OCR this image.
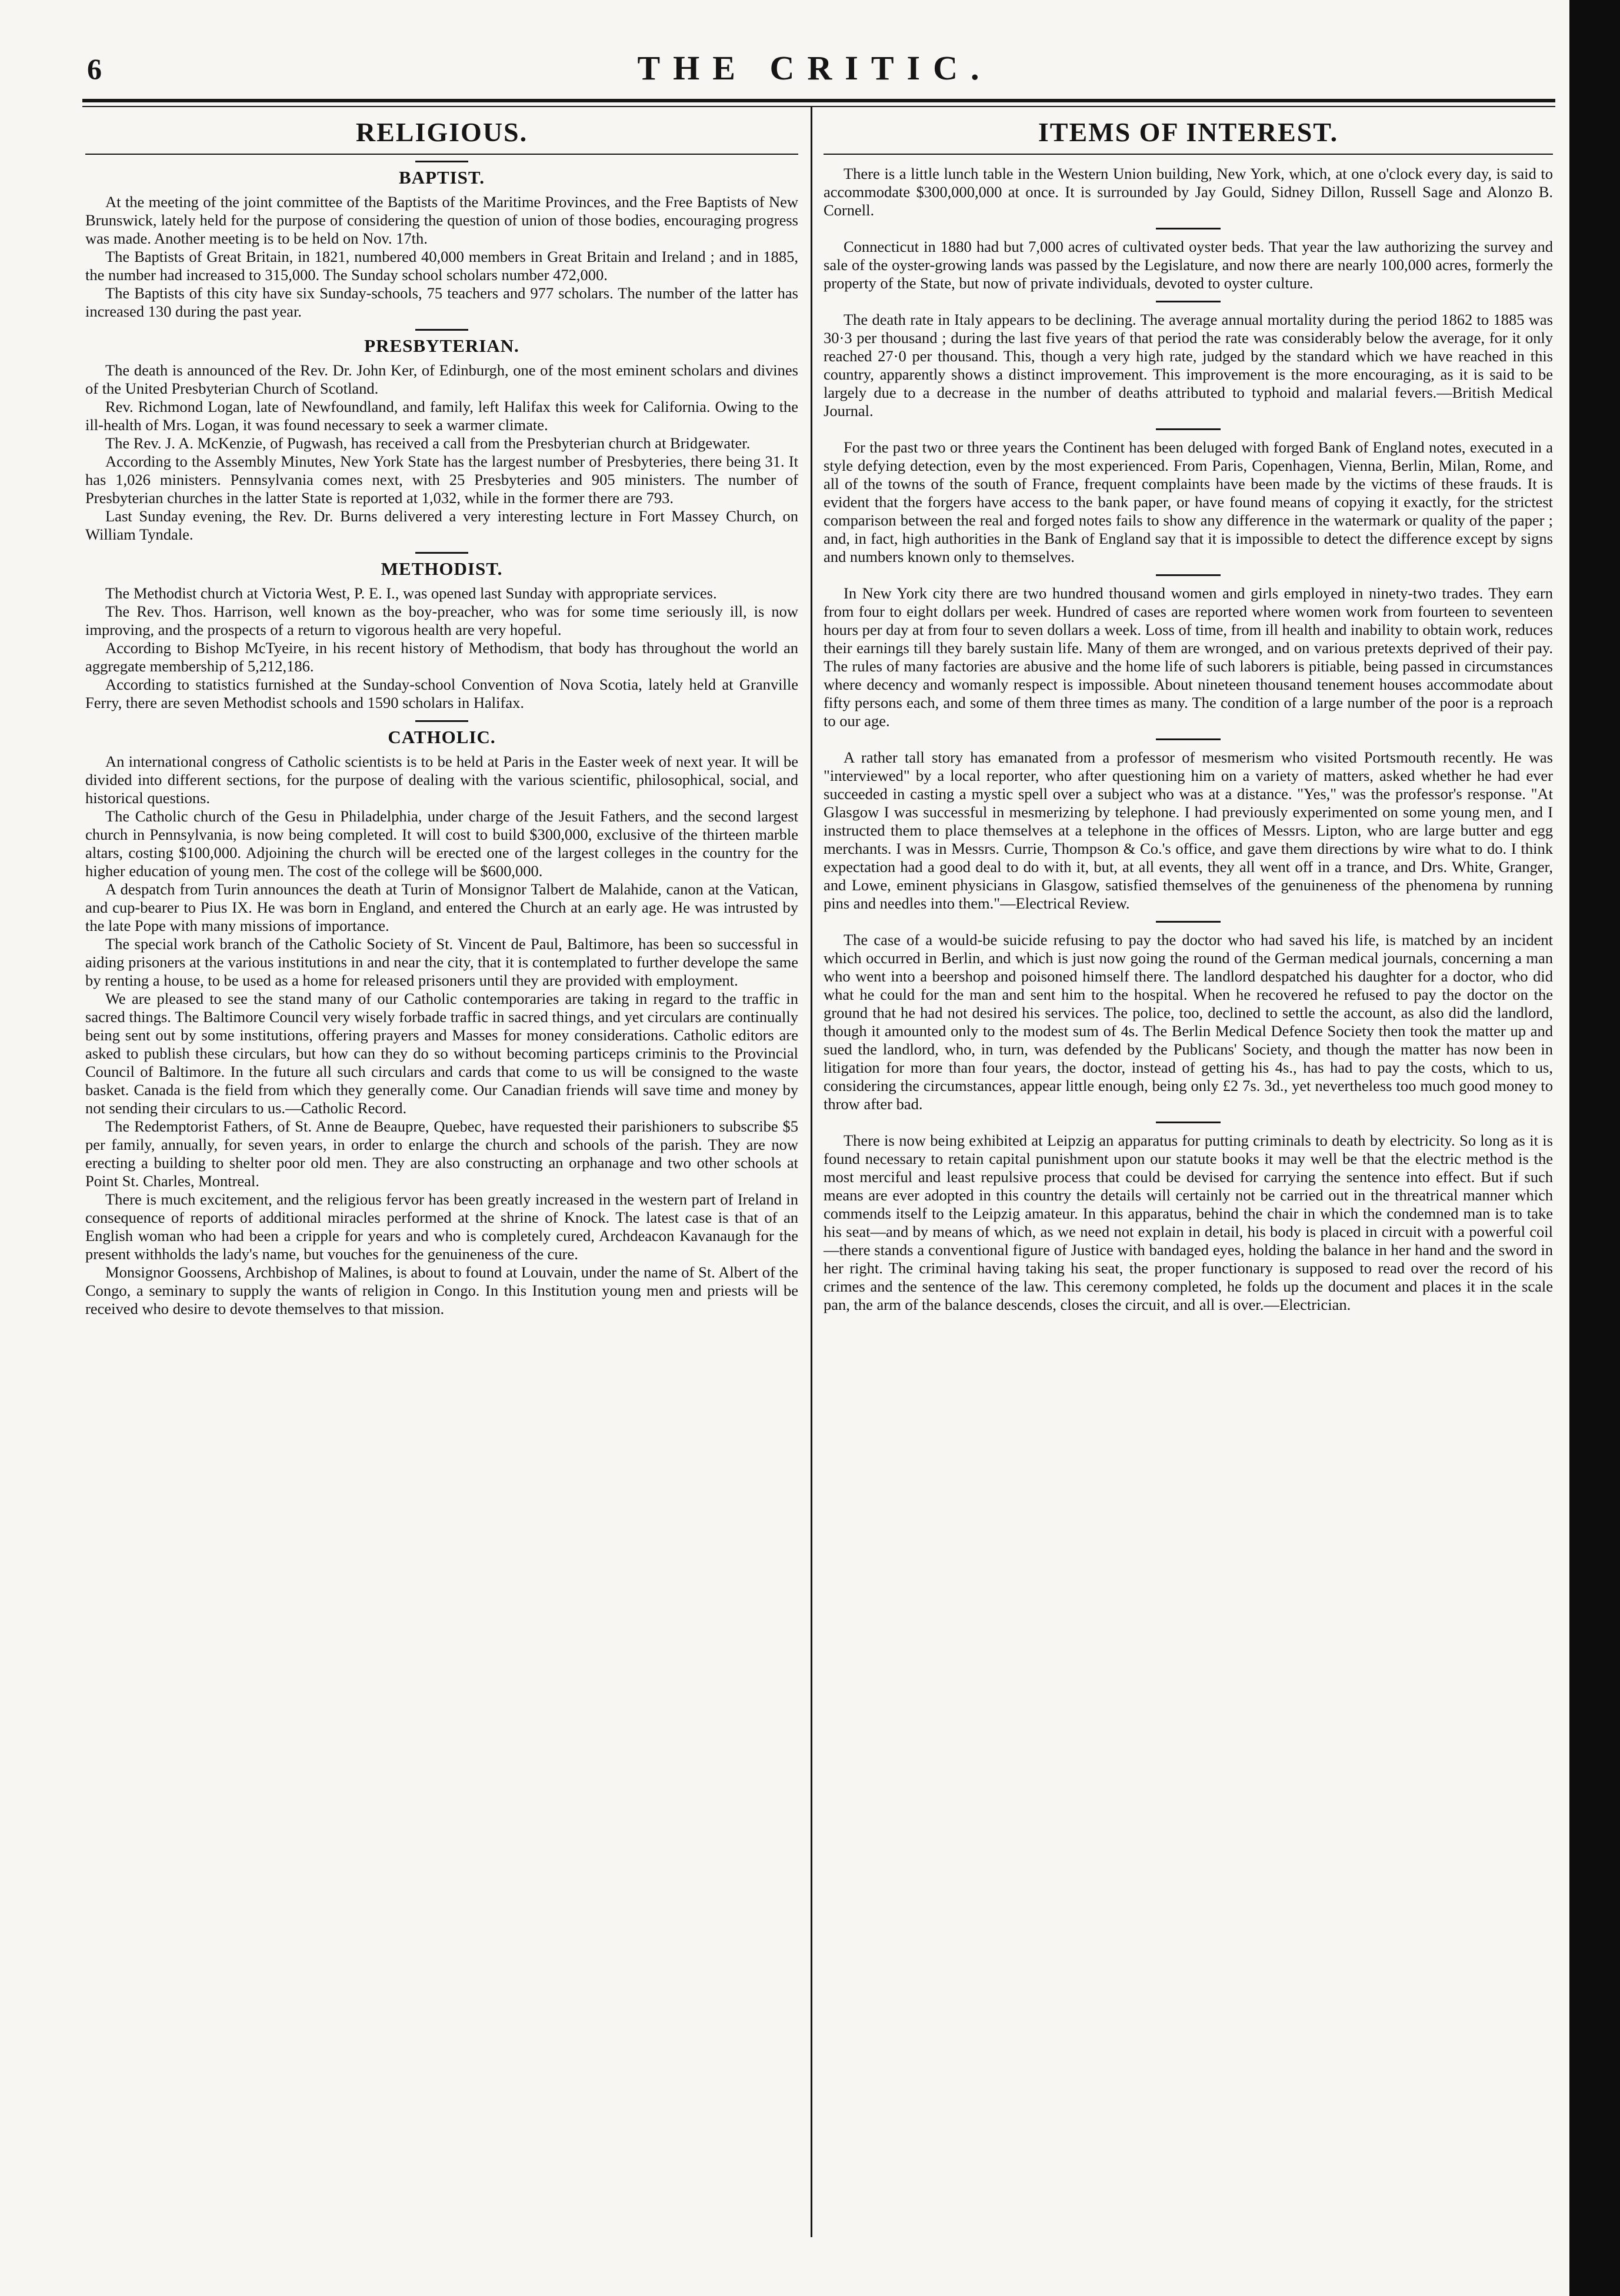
6	THE CRITIC.
RELIGIOUS.
BAPTIST.

At the meeting of the joint committee of the Baptists of the Maritime Provinces, and the Free Baptists of New Brunswick, lately held for the purpose of considering the question of union of those bodies, encouraging progress was made. Another meeting is to be held on Nov. 17th.

The Baptists of Great Britain, in 1821, numbered 40,000 members in Great Britain and Ireland ; and in 1885, the number had increased to 315,000. The Sunday school scholars number 472,000.

The Baptists of this city have six Sunday-schools, 75 teachers and 977 scholars. The number of the latter has increased 130 during the past year.

PRESBYTERIAN.

The death is announced of the Rev. Dr. John Ker, of Edinburgh, one of the most eminent scholars and divines of the United Presbyterian Church of Scotland.

Rev. Richmond Logan, late of Newfoundland, and family, left Halifax this week for California. Owing to the ill-health of Mrs. Logan, it was found necessary to seek a warmer climate.

The Rev. J. A. McKenzie, of Pugwash, has received a call from the Presbyterian church at Bridgewater.

According to the Assembly Minutes, New York State has the largest number of Presbyteries, there being 31. It has 1,026 ministers. Pennsylvania comes next, with 25 Presbyteries and 905 ministers. The number of Presbyterian churches in the latter State is reported at 1,032, while in the former there are 793.

Last Sunday evening, the Rev. Dr. Burns delivered a very interesting lecture in Fort Massey Church, on William Tyndale.

METHODIST.

The Methodist church at Victoria West, P. E. I., was opened last Sunday with appropriate services.

The Rev. Thos. Harrison, well known as the boy-preacher, who was for some time seriously ill, is now improving, and the prospects of a return to vigorous health are very hopeful.

According to Bishop McTyeire, in his recent history of Methodism, that body has throughout the world an aggregate membership of 5,212,186.

According to statistics furnished at the Sunday-school Convention of Nova Scotia, lately held at Granville Ferry, there are seven Methodist schools and 1590 scholars in Halifax.

CATHOLIC.

An international congress of Catholic scientists is to be held at Paris in the Easter week of next year. It will be divided into different sections, for the purpose of dealing with the various scientific, philosophical, social, and historical questions.

The Catholic church of the Gesu in Philadelphia, under charge of the Jesuit Fathers, and the second largest church in Pennsylvania, is now being completed. It will cost to build $300,000, exclusive of the thirteen marble altars, costing $100,000. Adjoining the church will be erected one of the largest colleges in the country for the higher education of young men. The cost of the college will be $600,000.

A despatch from Turin announces the death at Turin of Monsignor Talbert de Malahide, canon at the Vatican, and cup-bearer to Pius IX. He was born in England, and entered the Church at an early age. He was intrusted by the late Pope with many missions of importance.

The special work branch of the Catholic Society of St. Vincent de Paul, Baltimore, has been so successful in aiding prisoners at the various institutions in and near the city, that it is contemplated to further develope the same by renting a house, to be used as a home for released prisoners until they are provided with employment.

We are pleased to see the stand many of our Catholic contemporaries are taking in regard to the traffic in sacred things. The Baltimore Council very wisely forbade traffic in sacred things, and yet circulars are continually being sent out by some institutions, offering prayers and Masses for money considerations. Catholic editors are asked to publish these circulars, but how can they do so without becoming particeps criminis to the Provincial Council of Baltimore. In the future all such circulars and cards that come to us will be consigned to the waste basket. Canada is the field from which they generally come. Our Canadian friends will save time and money by not sending their circulars to us.—Catholic Record.

The Redemptorist Fathers, of St. Anne de Beaupre, Quebec, have requested their parishioners to subscribe $5 per family, annually, for seven years, in order to enlarge the church and schools of the parish. They are now erecting a building to shelter poor old men. They are also constructing an orphanage and two other schools at Point St. Charles, Montreal.

There is much excitement, and the religious fervor has been greatly increased in the western part of Ireland in consequence of reports of additional miracles performed at the shrine of Knock. The latest case is that of an English woman who had been a cripple for years and who is completely cured, Archdeacon Kavanaugh for the present withholds the lady's name, but vouches for the genuineness of the cure.

Monsignor Goossens, Archbishop of Malines, is about to found at Louvain, under the name of St. Albert of the Congo, a seminary to supply the wants of religion in Congo. In this Institution young men and priests will be received who desire to devote themselves to that mission.

ITEMS OF INTEREST.

There is a little lunch table in the Western Union building, New York, which, at one o'clock every day, is said to accommodate $300,000,000 at once. It is surrounded by Jay Gould, Sidney Dillon, Russell Sage and Alonzo B. Cornell.

Connecticut in 1880 had but 7,000 acres of cultivated oyster beds. That year the law authorizing the survey and sale of the oyster-growing lands was passed by the Legislature, and now there are nearly 100,000 acres, formerly the property of the State, but now of private individuals, devoted to oyster culture.

The death rate in Italy appears to be declining. The average annual mortality during the period 1862 to 1885 was 30·3 per thousand ; during the last five years of that period the rate was considerably below the average, for it only reached 27·0 per thousand. This, though a very high rate, judged by the standard which we have reached in this country, apparently shows a distinct improvement. This improvement is the more encouraging, as it is said to be largely due to a decrease in the number of deaths attributed to typhoid and malarial fevers.—British Medical Journal.

For the past two or three years the Continent has been deluged with forged Bank of England notes, executed in a style defying detection, even by the most experienced. From Paris, Copenhagen, Vienna, Berlin, Milan, Rome, and all of the towns of the south of France, frequent complaints have been made by the victims of these frauds. It is evident that the forgers have access to the bank paper, or have found means of copying it exactly, for the strictest comparison between the real and forged notes fails to show any difference in the watermark or quality of the paper ; and, in fact, high authorities in the Bank of England say that it is impossible to detect the difference except by signs and numbers known only to themselves.

In New York city there are two hundred thousand women and girls employed in ninety-two trades. They earn from four to eight dollars per week. Hundred of cases are reported where women work from fourteen to seventeen hours per day at from four to seven dollars a week. Loss of time, from ill health and inability to obtain work, reduces their earnings till they barely sustain life. Many of them are wronged, and on various pretexts deprived of their pay. The rules of many factories are abusive and the home life of such laborers is pitiable, being passed in circumstances where decency and womanly respect is impossible. About nineteen thousand tenement houses accommodate about fifty persons each, and some of them three times as many. The condition of a large number of the poor is a reproach to our age.

A rather tall story has emanated from a professor of mesmerism who visited Portsmouth recently. He was "interviewed" by a local reporter, who after questioning him on a variety of matters, asked whether he had ever succeeded in casting a mystic spell over a subject who was at a distance. "Yes," was the professor's response. "At Glasgow I was successful in mesmerizing by telephone. I had previously experimented on some young men, and I instructed them to place themselves at a telephone in the offices of Messrs. Lipton, who are large butter and egg merchants. I was in Messrs. Currie, Thompson & Co.'s office, and gave them directions by wire what to do. I think expectation had a good deal to do with it, but, at all events, they all went off in a trance, and Drs. White, Granger, and Lowe, eminent physicians in Glasgow, satisfied themselves of the genuineness of the phenomena by running pins and needles into them."—Electrical Review.

The case of a would-be suicide refusing to pay the doctor who had saved his life, is matched by an incident which occurred in Berlin, and which is just now going the round of the German medical journals, concerning a man who went into a beershop and poisoned himself there. The landlord despatched his daughter for a doctor, who did what he could for the man and sent him to the hospital. When he recovered he refused to pay the doctor on the ground that he had not desired his services. The police, too, declined to settle the account, as also did the landlord, though it amounted only to the modest sum of 4s. The Berlin Medical Defence Society then took the matter up and sued the landlord, who, in turn, was defended by the Publicans' Society, and though the matter has now been in litigation for more than four years, the doctor, instead of getting his 4s., has had to pay the costs, which to us, considering the circumstances, appear little enough, being only £2 7s. 3d., yet nevertheless too much good money to throw after bad.

There is now being exhibited at Leipzig an apparatus for putting criminals to death by electricity. So long as it is found necessary to retain capital punishment upon our statute books it may well be that the electric method is the most merciful and least repulsive process that could be devised for carrying the sentence into effect. But if such means are ever adopted in this country the details will certainly not be carried out in the threatrical manner which commends itself to the Leipzig amateur. In this apparatus, behind the chair in which the condemned man is to take his seat—and by means of which, as we need not explain in detail, his body is placed in circuit with a powerful coil—there stands a conventional figure of Justice with bandaged eyes, holding the balance in her hand and the sword in her right. The criminal having taking his seat, the proper functionary is supposed to read over the record of his crimes and the sentence of the law. This ceremony completed, he folds up the document and places it in the scale pan, the arm of the balance descends, closes the circuit, and all is over.—Electrician.
